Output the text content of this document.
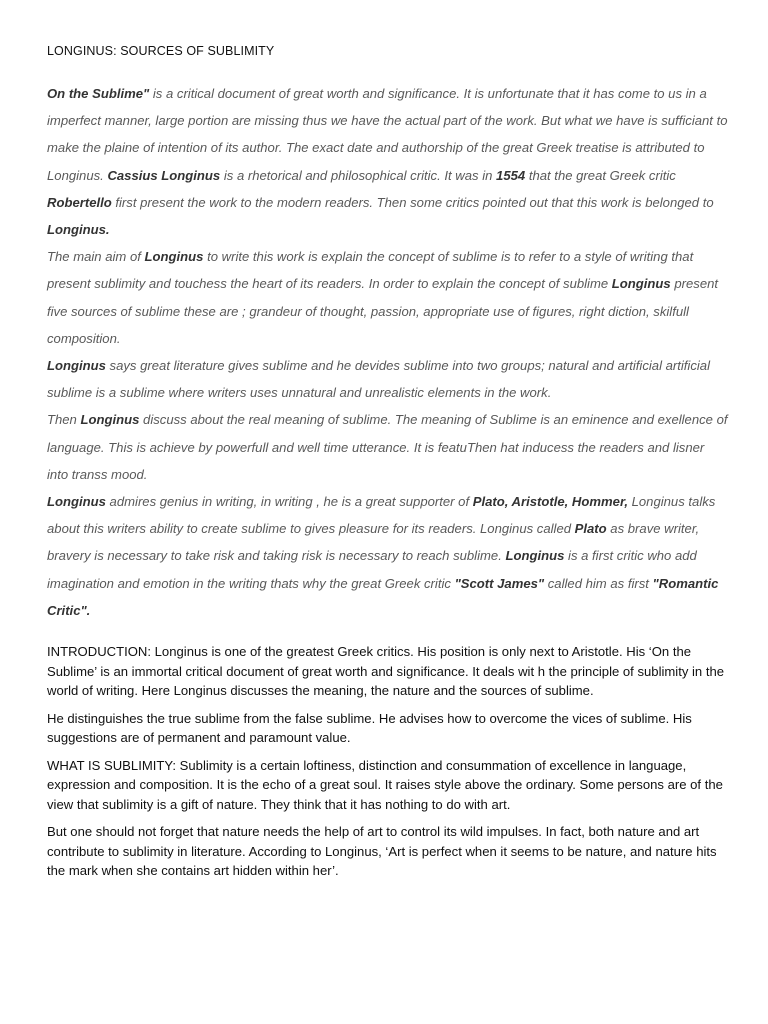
LONGINUS: SOURCES OF SUBLIMITY

On the Sublime" is a critical document of great worth and significance. It is unfortunate that it has come to us in a imperfect manner, large portion are missing thus we have the actual part of the work. But what we have is sufficiant to make the plaine of intention of its author. The exact date and authorship of the great Greek treatise is attributed to Longinus. Cassius Longinus is a rhetorical and philosophical critic. It was in 1554 that the great Greek critic Robertello first present the work to the modern readers. Then some critics pointed out that this work is belonged to Longinus.

The main aim of Longinus to write this work is explain the concept of sublime is to refer to a style of writing that present sublimity and touchess the heart of its readers. In order to explain the concept of sublime Longinus present five sources of sublime these are ; grandeur of thought, passion, appropriate use of figures, right diction, skilfull composition.

Longinus says great literature gives sublime and he devides sublime into two groups; natural and artificial artificial sublime is a sublime where writers uses unnatural and unrealistic elements in the work.

Then Longinus discuss about the real meaning of sublime. The meaning of Sublime is an eminence and exellence of language. This is achieve by powerfull and well time utterance. It is featuThen hat inducess the readers and lisner into transs mood.

Longinus admires genius in writing, in writing , he is a great supporter of Plato, Aristotle, Hommer, Longinus talks about this writers ability to create sublime to gives pleasure for its readers. Longinus called Plato as brave writer, bravery is necessary to take risk and taking risk is necessary to reach sublime. Longinus is a first critic who add imagination and emotion in the writing thats why the great Greek critic "Scott James" called him as first "Romantic Critic".

INTRODUCTION: Longinus is one of the greatest Greek critics. His position is only next to Aristotle. His ‘On the Sublime’ is an immortal critical document of great worth and significance. It deals wit h the principle of sublimity in the world of writing. Here Longinus discusses the meaning, the nature and the sources of sublime.

He distinguishes the true sublime from the false sublime. He advises how to overcome the vices of sublime. His suggestions are of permanent and paramount value.

WHAT IS SUBLIMITY: Sublimity is a certain loftiness, distinction and consummation of excellence in language, expression and composition. It is the echo of a great soul. It raises style above the ordinary. Some persons are of the view that sublimity is a gift of nature. They think that it has nothing to do with art.

But one should not forget that nature needs the help of art to control its wild impulses. In fact, both nature and art contribute to sublimity in literature. According to Longinus, ‘Art is perfect when it seems to be nature, and nature hits the mark when she contains art hidden within her’.
